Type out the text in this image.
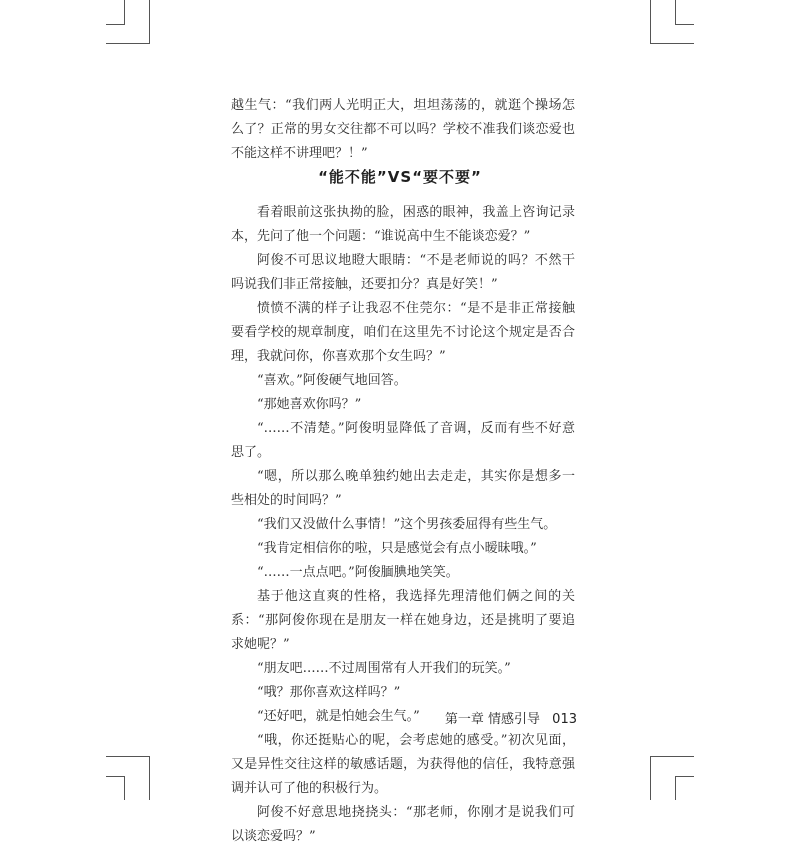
越生气：“我们两人光明正大，坦坦荡荡的，就逛个操场怎么了？正常的男女交往都不可以吗？学校不准我们谈恋爱也不能这样不讲理吧？！”

“能不能”VS“要不要”

看着眼前这张执拗的脸，困惑的眼神，我盖上咨询记录本，先问了他一个问题：“谁说高中生不能谈恋爱？”

阿俊不可思议地瞪大眼睛：“不是老师说的吗？不然干吗说我们非正常接触，还要扣分？真是好笑！”

愤愤不满的样子让我忍不住莞尔：“是不是非正常接触要看学校的规章制度，咱们在这里先不讨论这个规定是否合理，我就问你，你喜欢那个女生吗？”

“喜欢。”阿俊硬气地回答。

“那她喜欢你吗？”

“……不清楚。”阿俊明显降低了音调，反而有些不好意思了。

“嗯，所以那么晚单独约她出去走走，其实你是想多一些相处的时间吗？”

“我们又没做什么事情！”这个男孩委屈得有些生气。

“我肯定相信你的啦，只是感觉会有点小暧昧哦。”

“……一点点吧。”阿俊腼腆地笑笑。

基于他这直爽的性格，我选择先理清他们俩之间的关系：“那阿俊你现在是朋友一样在她身边，还是挑明了要追求她呢？”

“朋友吧……不过周围常有人开我们的玩笑。”

“哦？那你喜欢这样吗？”

“还好吧，就是怕她会生气。”

“哦，你还挺贴心的呢，会考虑她的感受。”初次见面，又是异性交往这样的敏感话题，为获得他的信任，我特意强调并认可了他的积极行为。

阿俊不好意思地挠挠头：“那老师，你刚才是说我们可以谈恋爱吗？”

第一章 情感引导 013
